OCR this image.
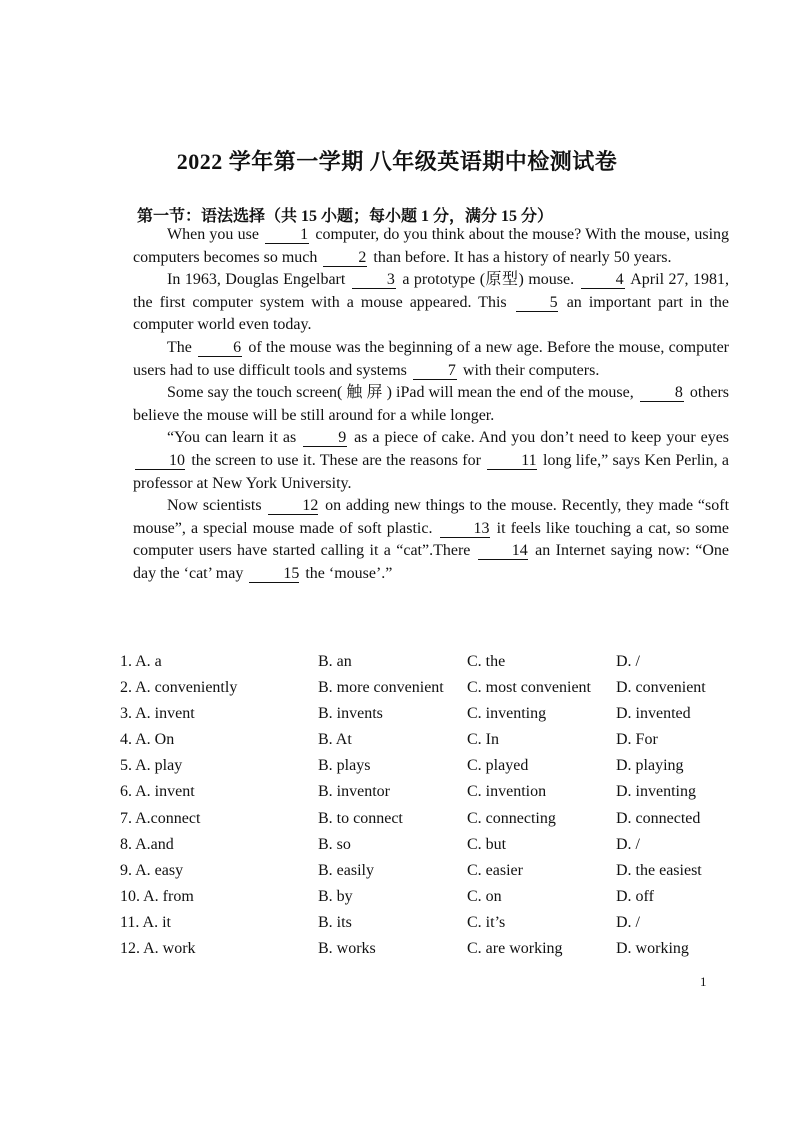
2022 学年第一学期 八年级英语期中检测试卷
第一节：语法选择（共 15 小题；每小题 1 分，满分 15 分）

When you use	1 computer, do you think about the mouse? With the mouse, using computers becomes so much	2 than before. It has a history of nearly 50 years.

In 1963, Douglas Engelbart	3 a prototype (原型) mouse.	4 April 27, 1981, the first computer system with a mouse appeared. This	5 an important part in the computer world even today.

The	6 of the mouse was the beginning of a new age. Before the mouse, computer users had to use difficult tools and systems	7 with their computers.

Some say the touch screen( 触 屏 ) iPad will mean the end of the mouse,	8 others believe the mouse will be still around for a while longer.

“You can learn it as	9 as a piece of cake. And you don’t need to keep your eyes 10 the screen to use it. These are the reasons for	11 long life,” says Ken Perlin, a professor at New York University.

Now scientists	12 on adding new things to the mouse. Recently, they made “soft mouse”, a special mouse made of soft plastic.	13 it feels like touching a cat, so some computer users have started calling it a “cat”.There	14 an Internet saying now: “One day the ‘cat’ may	15 the ‘mouse’.”

1. A. a	B. an	C. the	D. /
2. A. conveniently	B. more convenient C. most convenient D. convenient
3. A. invent	B. invents	C. inventing	D. invented
4. A. On	B. At	C. In	D. For
5. A. play	B. plays	C. played	D. playing
6. A. invent	B. inventor	C. invention	D. inventing
7. A.connect	B. to connect	C. connecting	D. connected
8. A.and	B. so	C. but	D. /
9. A. easy	B. easily	C. easier	D. the easiest
10. A. from	B. by	C. on	D. off
11. A. it	B. its	C. it’s	D. /
12. A. work	B. works	C. are working	D. working
1
